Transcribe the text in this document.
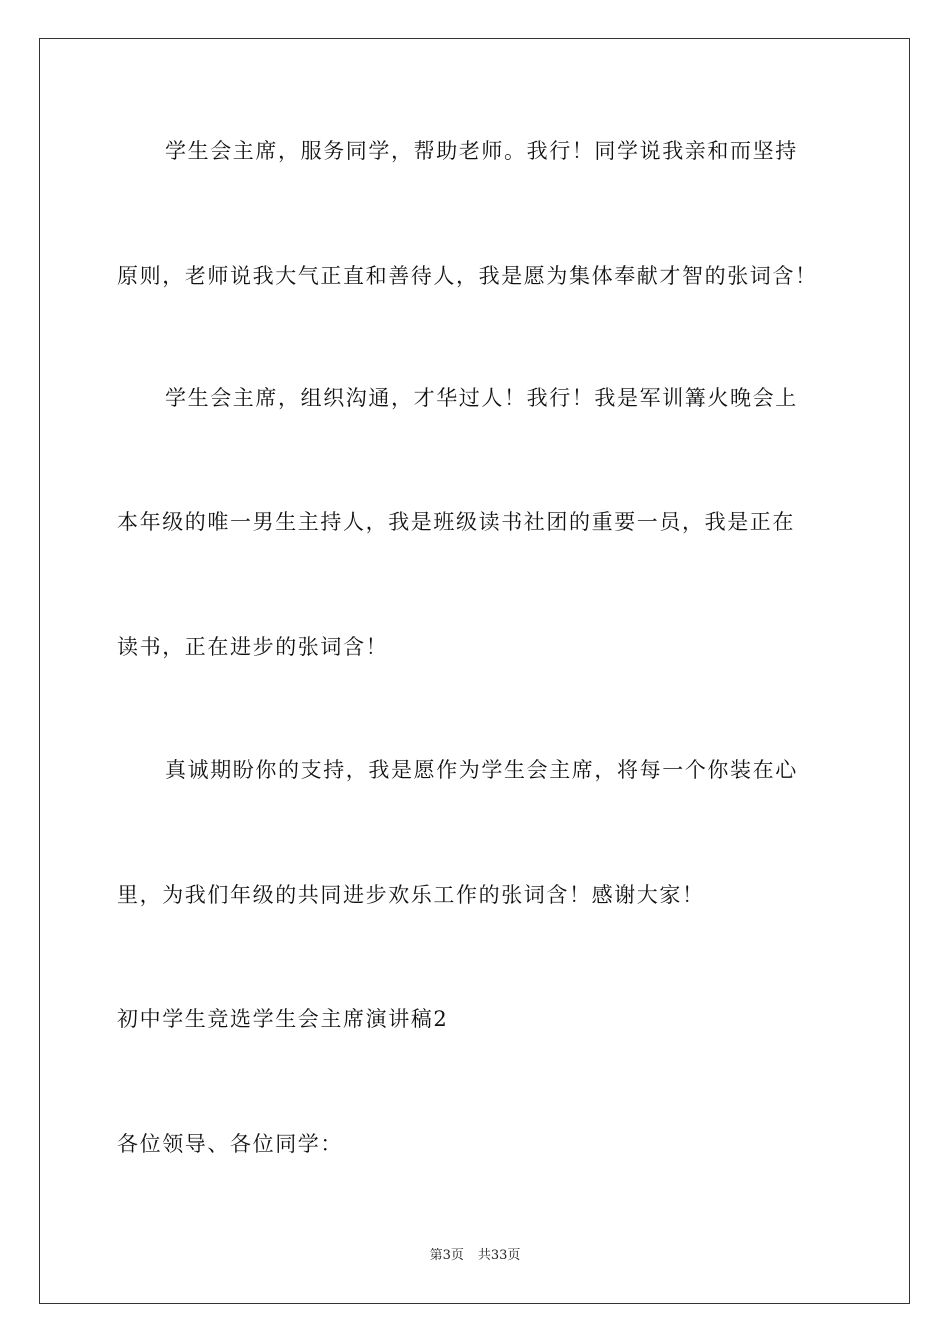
学生会主席，服务同学，帮助老师。我行！同学说我亲和而坚持
原则，老师说我大气正直和善待人，我是愿为集体奉献才智的张词含！
学生会主席，组织沟通，才华过人！我行！我是军训篝火晚会上
本年级的唯一男生主持人，我是班级读书社团的重要一员，我是正在
读书，正在进步的张词含！
真诚期盼你的支持，我是愿作为学生会主席，将每一个你装在心
里，为我们年级的共同进步欢乐工作的张词含！感谢大家！
初中学生竞选学生会主席演讲稿2
各位领导、各位同学：
第3页 共33页
